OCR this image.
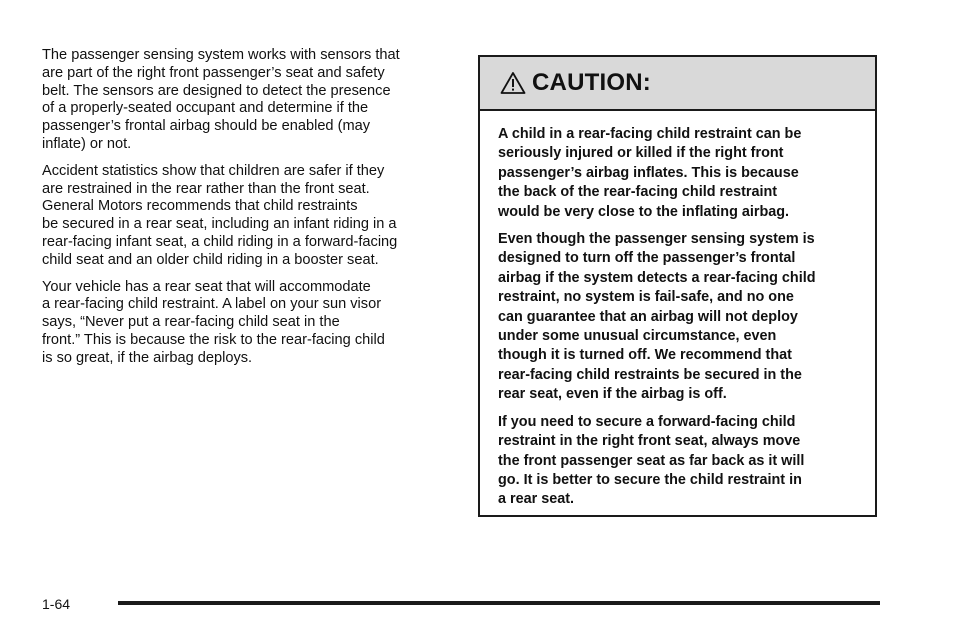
The passenger sensing system works with sensors that
are part of the right front passenger’s seat and safety
belt. The sensors are designed to detect the presence
of a properly-seated occupant and determine if the
passenger’s frontal airbag should be enabled (may
inflate) or not.

Accident statistics show that children are safer if they
are restrained in the rear rather than the front seat.
General Motors recommends that child restraints
be secured in a rear seat, including an infant riding in a
rear-facing infant seat, a child riding in a forward-facing
child seat and an older child riding in a booster seat.

Your vehicle has a rear seat that will accommodate
a rear-facing child restraint. A label on your sun visor
says, “Never put a rear-facing child seat in the
front.” This is because the risk to the rear-facing child
is so great, if the airbag deploys.

CAUTION:

A child in a rear-facing child restraint can be
seriously injured or killed if the right front
passenger’s airbag inflates. This is because
the back of the rear-facing child restraint
would be very close to the inflating airbag.

Even though the passenger sensing system is
designed to turn off the passenger’s frontal
airbag if the system detects a rear-facing child
restraint, no system is fail-safe, and no one
can guarantee that an airbag will not deploy
under some unusual circumstance, even
though it is turned off. We recommend that
rear-facing child restraints be secured in the
rear seat, even if the airbag is off.

If you need to secure a forward-facing child
restraint in the right front seat, always move
the front passenger seat as far back as it will
go. It is better to secure the child restraint in
a rear seat.

1-64
